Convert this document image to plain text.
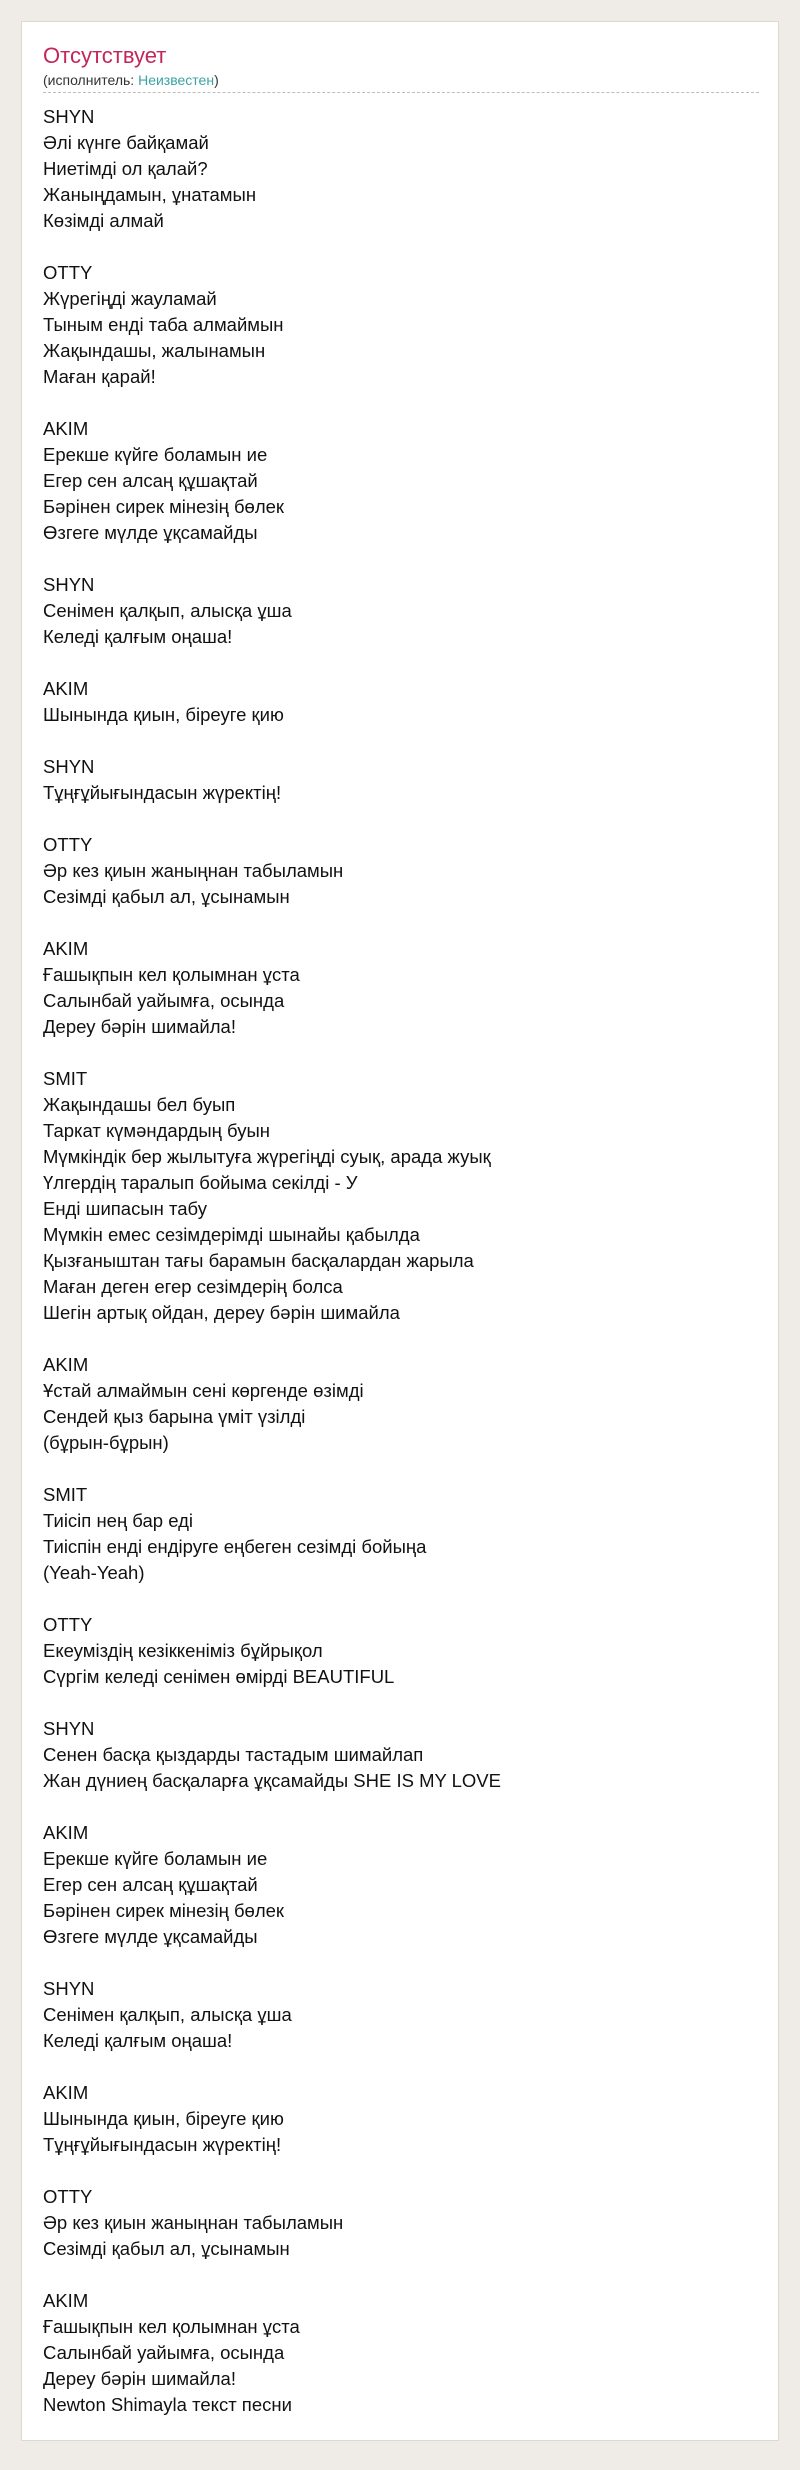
Отсутствует
(исполнитель: Неизвестен)
SHYN
Әлі күнге байқамай
Ниетімді ол қалай?
Жаныңдамын, ұнатамын
Көзімді алмай
OTTY
Жүрегіңді жауламай
Тыным енді таба алмаймын
Жақындашы, жалынамын
Маған қарай!
AKIM
Ерекше күйге боламын ие
Егер сен алсаң құшақтай
Бәрінен сирек мінезің бөлек
Өзгеге мүлде ұқсамайды
SHYN
Сенімен қалқып, алысқа ұша
Келеді қалғым оңаша!
AKIM
Шынында қиын, біреуге қию
SHYN
Тұңғұйығындасын жүректің!
OTTY
Әр кез қиын жаныңнан табыламын
Сезімді қабыл ал, ұсынамын
AKIM
Ғашықпын кел қолымнан ұста
Салынбай уайымға, осында
Дереу бәрін шимайла!
SMIT
Жақындашы бел буып
Таркат күмәндардың буын
Мүмкіндік бер жылытуға жүрегіңді суық, арада жуық
Үлгердің таралып бойыма секілді - У
Енді шипасын табу
Мүмкін емес сезімдерімді шынайы қабылда
Қызғаныштан тағы барамын басқалардан жарыла
Маған деген егер сезімдерің болса
Шегін артық ойдан, дереу бәрін шимайла
AKIM
Ұстай алмаймын сені көргенде өзімді
Сендей қыз барына үміт үзілді
(бұрын-бұрын)
SMIT
Тиісіп нең бар еді
Тиіспін енді ендіруге еңбеген сезімді бойыңа
(Yeah-Yeah)
OTTY
Екеуміздің кезіккеніміз бұйрықол
Сүргім келеді сенімен өмірді BEAUTIFUL
SHYN
Сенен басқа қыздарды тастадым шимайлап
Жан дүниең басқаларға ұқсамайды SHE IS MY LOVE
AKIM
Ерекше күйге боламын ие
Егер сен алсаң құшақтай
Бәрінен сирек мінезің бөлек
Өзгеге мүлде ұқсамайды
SHYN
Сенімен қалқып, алысқа ұша
Келеді қалғым оңаша!
AKIM
Шынында қиын, біреуге қию
Тұңғұйығындасын жүректің!
OTTY
Әр кез қиын жаныңнан табыламын
Сезімді қабыл ал, ұсынамын
AKIM
Ғашықпын кел қолымнан ұста
Салынбай уайымға, осында
Дереу бәрін шимайла!
Newton Shimayla текст песни
